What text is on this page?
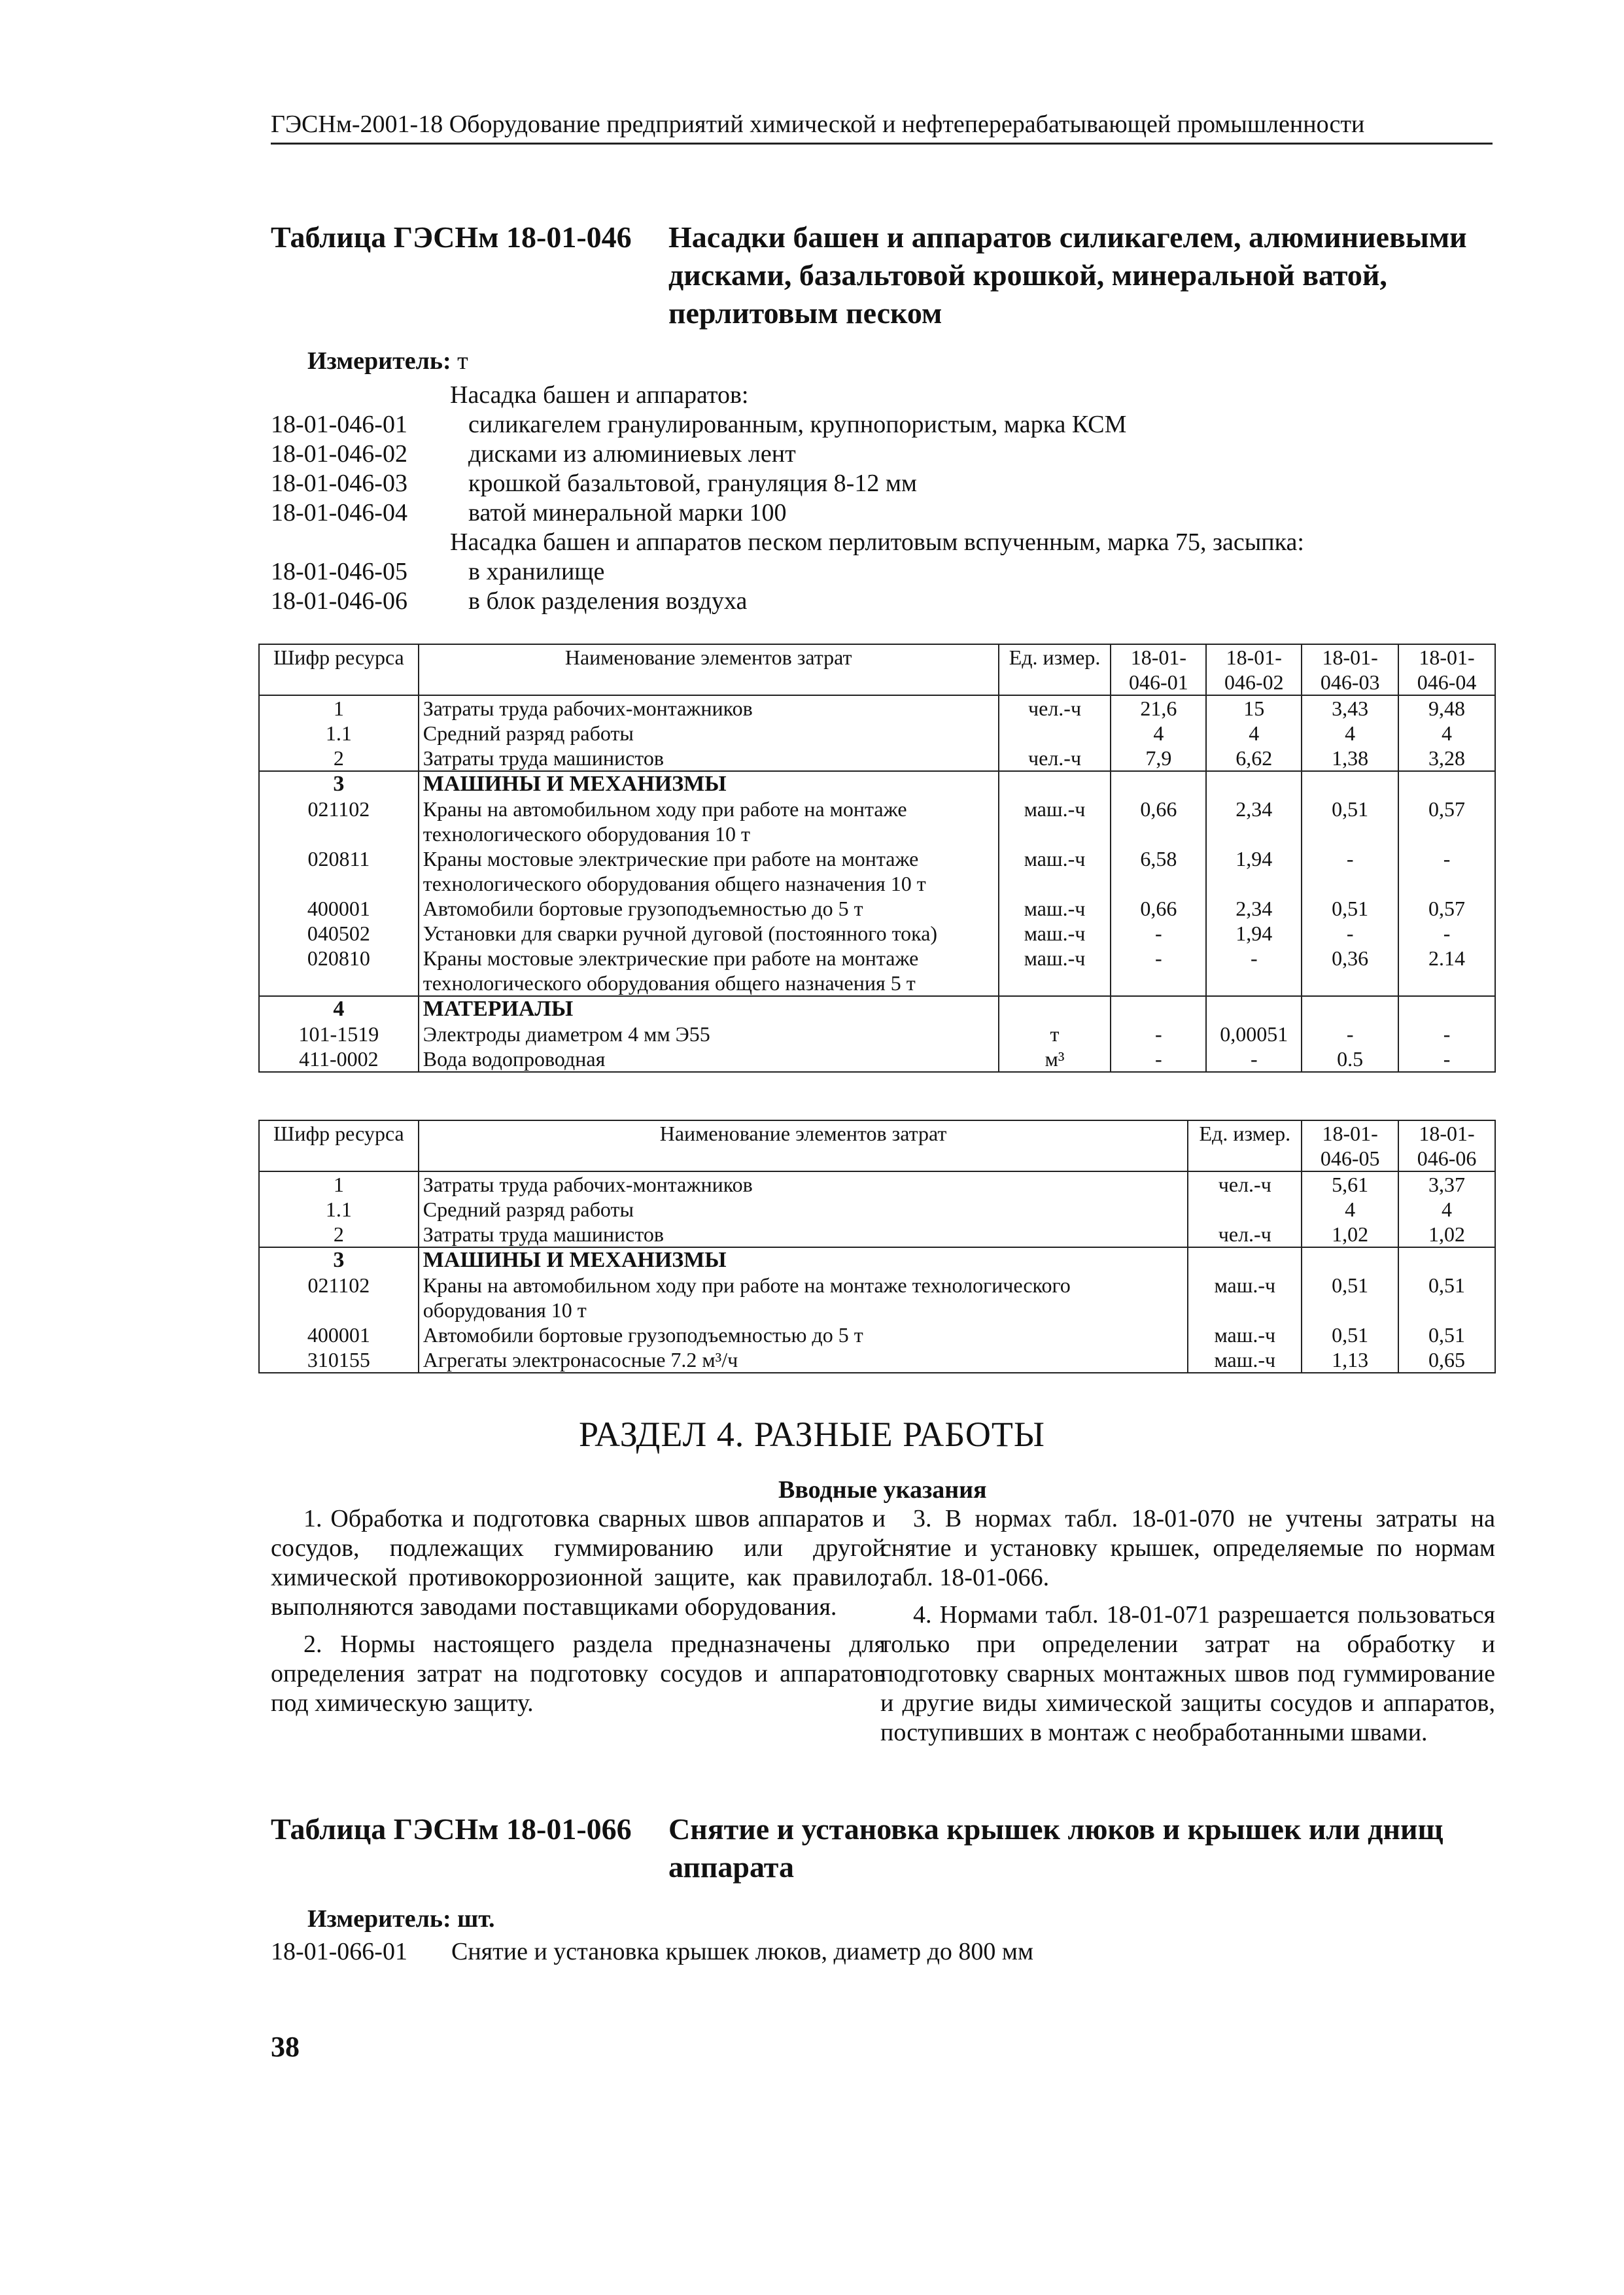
ГЭСНм-2001-18 Оборудование предприятий химической и нефтеперерабатывающей промышленности
Таблица ГЭСНм 18-01-046 Насадки башен и аппаратов силикагелем, алюминиевыми дисками, базальтовой крошкой, минеральной ватой, перлитовым песком
Измеритель: т
Насадка башен и аппаратов:
18-01-046-01 силикагелем гранулированным, крупнопористым, марка КСМ
18-01-046-02 дисками из алюминиевых лент
18-01-046-03 крошкой базальтовой, грануляция 8-12 мм
18-01-046-04 ватой минеральной марки 100
Насадка башен и аппаратов песком перлитовым вспученным, марка 75, засыпка:
18-01-046-05 в хранилище
18-01-046-06 в блок разделения воздуха
Шифр ресурса	Наименование элементов затрат	Ед. измер.	18-01-046-01	18-01-046-02	18-01-046-03	18-01-046-04
1	Затраты труда рабочих-монтажников	чел.-ч	21,6	15	3,43	9,48
1.1	Средний разряд работы		4	4	4	4
2	Затраты труда машинистов	чел.-ч	7,9	6,62	1,38	3,28
3	МАШИНЫ И МЕХАНИЗМЫ					
021102	Краны на автомобильном ходу при работе на монтаже технологического оборудования 10 т	маш.-ч	0,66	2,34	0,51	0,57
020811	Краны мостовые электрические при работе на монтаже технологического оборудования общего назначения 10 т	маш.-ч	6,58	1,94	-	-
400001	Автомобили бортовые грузоподъемностью до 5 т	маш.-ч	0,66	2,34	0,51	0,57
040502	Установки для сварки ручной дуговой (постоянного тока)	маш.-ч	-	1,94	-	-
020810	Краны мостовые электрические при работе на монтаже технологического оборудования общего назначения 5 т	маш.-ч	-	-	0,36	2.14
4	МАТЕРИАЛЫ					
101-1519	Электроды диаметром 4 мм Э55	т	-	0,00051	-	-
411-0002	Вода водопроводная	м³	-	-	0.5	-
Шифр ресурса	Наименование элементов затрат	Ед. измер.	18-01-046-05	18-01-046-06
1	Затраты труда рабочих-монтажников	чел.-ч	5,61	3,37
1.1	Средний разряд работы		4	4
2	Затраты труда машинистов	чел.-ч	1,02	1,02
3	МАШИНЫ И МЕХАНИЗМЫ			
021102	Краны на автомобильном ходу при работе на монтаже технологического оборудования 10 т	маш.-ч	0,51	0,51
400001	Автомобили бортовые грузоподъемностью до 5 т	маш.-ч	0,51	0,51
310155	Агрегаты электронасосные 7.2 м³/ч	маш.-ч	1,13	0,65
РАЗДЕЛ 4. РАЗНЫЕ РАБОТЫ
Вводные указания

1. Обработка и подготовка сварных швов аппаратов и сосудов, подлежащих гуммированию или другой химической противокоррозионной защите, как правило, выполняются заводами поставщиками оборудования.

2. Нормы настоящего раздела предназначены для определения затрат на подготовку сосудов и аппаратов под химическую защиту.

3. В нормах табл. 18-01-070 не учтены затраты на снятие и установку крышек, определяемые по нормам табл. 18-01-066.

4. Нормами табл. 18-01-071 разрешается пользоваться только при определении затрат на обработку и подготовку сварных монтажных швов под гуммирование и другие виды химической защиты сосудов и аппаратов, поступивших в монтаж с необработанными швами.

Таблица ГЭСНм 18-01-066 Снятие и установка крышек люков и крышек или днищ аппарата
Измеритель: шт.
18-01-066-01 Снятие и установка крышек люков, диаметр до 800 мм
38
